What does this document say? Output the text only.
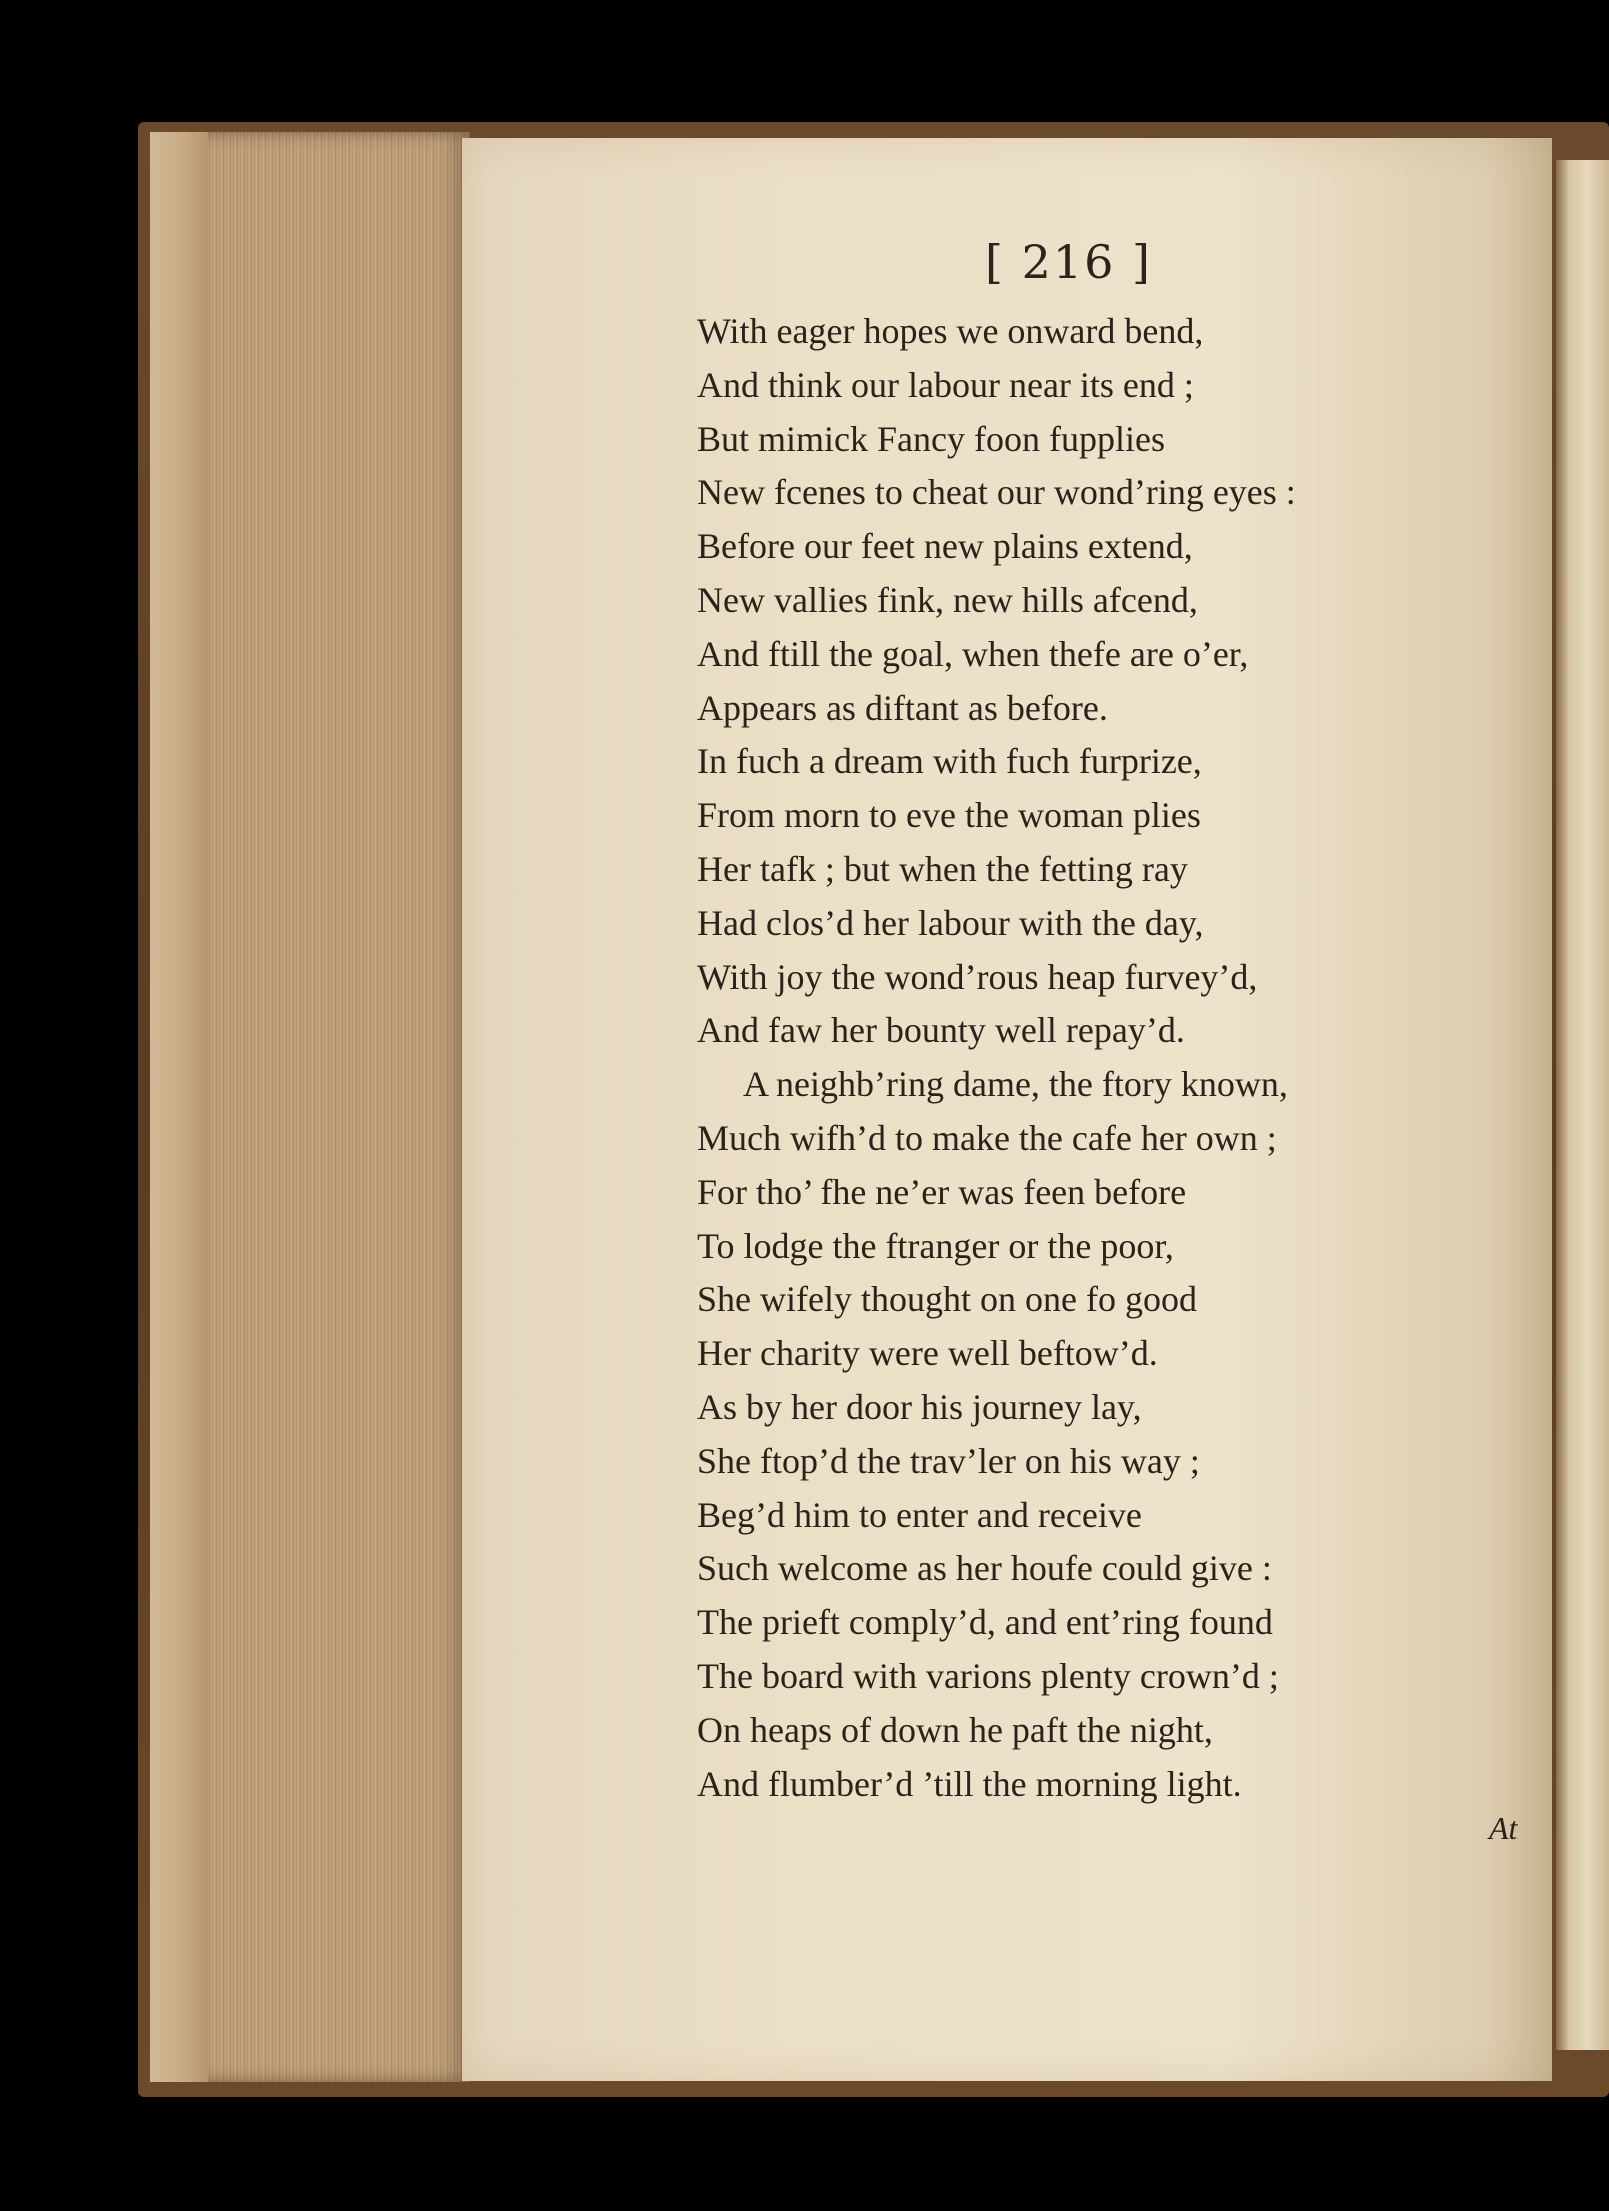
[ 216 ]
With eager hopes we onward bend,
And think our labour near its end ;
But mimick Fancy foon fupplies
New fcenes to cheat our wond’ring eyes :
Before our feet new plains extend,
New vallies fink, new hills afcend,
And ftill the goal, when thefe are o’er,
Appears as diftant as before.
In fuch a dream with fuch furprize,
From morn to eve the woman plies
Her tafk ; but when the fetting ray
Had clos’d her labour with the day,
With joy the wond’rous heap furvey’d,
And faw her bounty well repay’d.
A neighb’ring dame, the ftory known,
Much wifh’d to make the cafe her own ;
For tho’ fhe ne’er was feen before
To lodge the ftranger or the poor,
She wifely thought on one fo good
Her charity were well beftow’d.
As by her door his journey lay,
She ftop’d the trav’ler on his way ;
Beg’d him to enter and receive
Such welcome as her houfe could give :
The prieft comply’d, and ent’ring found
The board with varions plenty crown’d ;
On heaps of down he paft the night,
And flumber’d ’till the morning light.
At
